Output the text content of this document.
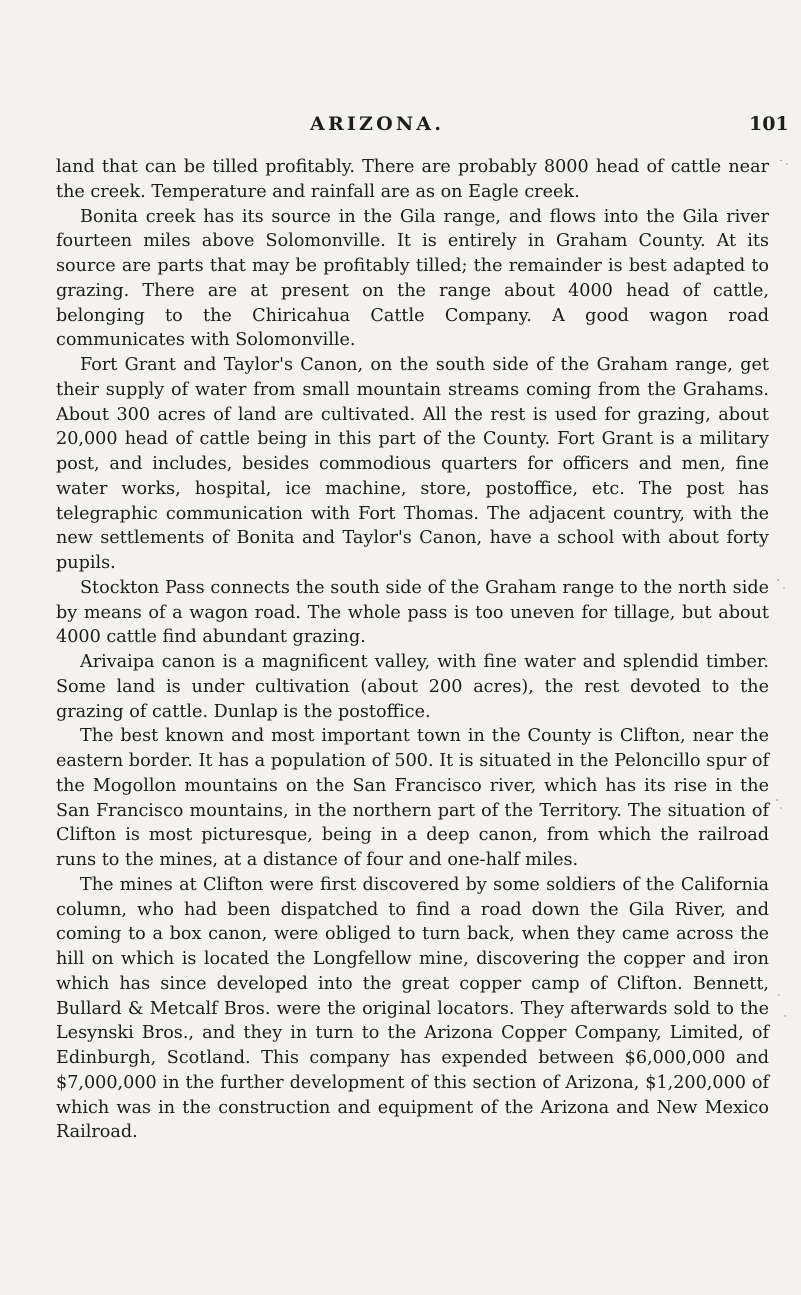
ARIZONA.	101

land that can be tilled profitably. There are probably 8000 head of cattle near the creek. Temperature and rainfall are as on Eagle creek.

Bonita creek has its source in the Gila range, and flows into the Gila river fourteen miles above Solomonville. It is entirely in Graham County. At its source are parts that may be profitably tilled; the remainder is best adapted to grazing. There are at present on the range about 4000 head of cattle, belonging to the Chiricahua Cattle Company. A good wagon road communicates with Solomonville.

Fort Grant and Taylor's Canon, on the south side of the Graham range, get their supply of water from small mountain streams coming from the Grahams. About 300 acres of land are cultivated. All the rest is used for grazing, about 20,000 head of cattle being in this part of the County. Fort Grant is a military post, and includes, besides commodious quarters for officers and men, fine water works, hospital, ice machine, store, postoffice, etc. The post has telegraphic communication with Fort Thomas. The adjacent country, with the new settlements of Bonita and Taylor's Canon, have a school with about forty pupils.

Stockton Pass connects the south side of the Graham range to the north side by means of a wagon road. The whole pass is too uneven for tillage, but about 4000 cattle find abundant grazing.

Arivaipa canon is a magnificent valley, with fine water and splendid timber. Some land is under cultivation (about 200 acres), the rest devoted to the grazing of cattle. Dunlap is the postoffice.

The best known and most important town in the County is Clifton, near the eastern border. It has a population of 500. It is situated in the Peloncillo spur of the Mogollon mountains on the San Francisco river, which has its rise in the San Francisco mountains, in the northern part of the Territory. The situation of Clifton is most picturesque, being in a deep canon, from which the railroad runs to the mines, at a distance of four and one-half miles.

The mines at Clifton were first discovered by some soldiers of the California column, who had been dispatched to find a road down the Gila River, and coming to a box canon, were obliged to turn back, when they came across the hill on which is located the Longfellow mine, discovering the copper and iron which has since developed into the great copper camp of Clifton. Bennett, Bullard & Metcalf Bros. were the original locators. They afterwards sold to the Lesynski Bros., and they in turn to the Arizona Copper Company, Limited, of Edinburgh, Scotland. This company has expended between $6,000,000 and $7,000,000 in the further development of this section of Arizona, $1,200,000 of which was in the construction and equipment of the Arizona and New Mexico Railroad.
